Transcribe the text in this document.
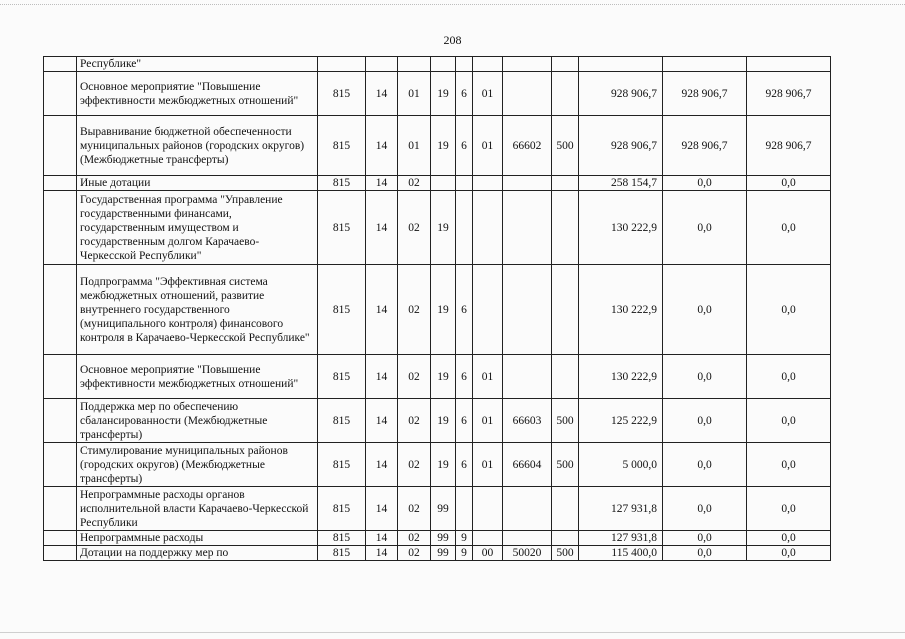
208
	Республике"											
	Основное мероприятие "Повышение эффективности межбюджетных отношений"	815	14	01	19	6	01			928 906,7	928 906,7	928 906,7
	Выравнивание бюджетной обеспеченности муниципальных районов (городских округов) (Межбюджетные трансферты)	815	14	01	19	6	01	66602	500	928 906,7	928 906,7	928 906,7
	Иные дотации	815	14	02						258 154,7	0,0	0,0
	Государственная программа "Управление государственными финансами, государственным имуществом и государственным долгом Карачаево-Черкесской Республики"	815	14	02	19					130 222,9	0,0	0,0
	Подпрограмма "Эффективная система межбюджетных отношений, развитие внутреннего государственного (муниципального контроля) финансового контроля в Карачаево-Черкесской Республике"	815	14	02	19	6				130 222,9	0,0	0,0
	Основное мероприятие "Повышение эффективности межбюджетных отношений"	815	14	02	19	6	01			130 222,9	0,0	0,0
	Поддержка мер по обеспечению сбалансированности (Межбюджетные трансферты)	815	14	02	19	6	01	66603	500	125 222,9	0,0	0,0
	Стимулирование муниципальных районов (городских округов) (Межбюджетные трансферты)	815	14	02	19	6	01	66604	500	5 000,0	0,0	0,0
	Непрограммные расходы органов исполнительной власти Карачаево-Черкесской Республики	815	14	02	99					127 931,8	0,0	0,0
	Непрограммные расходы	815	14	02	99	9				127 931,8	0,0	0,0
	Дотации на поддержку мер по	815	14	02	99	9	00	50020	500	115 400,0	0,0	0,0
